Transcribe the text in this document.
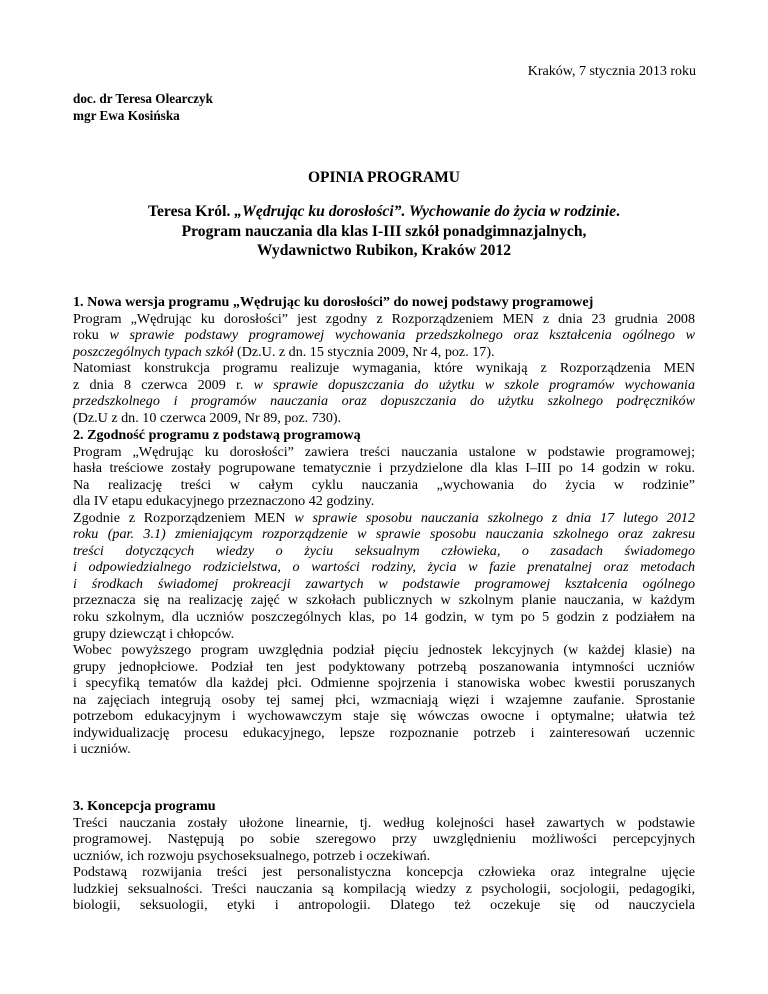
Kraków, 7 stycznia 2013 roku
doc. dr Teresa Olearczyk
mgr Ewa Kosińska
OPINIA PROGRAMU
Teresa Król. „Wędrując ku dorosłości”. Wychowanie do życia w rodzinie.
Program nauczania dla klas I-III szkół ponadgimnazjalnych,
Wydawnictwo Rubikon, Kraków 2012
1. Nowa wersja programu „Wędrując ku dorosłości” do nowej podstawy programowej
Program „Wędrując ku dorosłości” jest zgodny z Rozporządzeniem MEN z dnia 23 grudnia 2008
roku w sprawie podstawy programowej wychowania przedszkolnego oraz kształcenia ogólnego w
poszczególnych typach szkół (Dz.U. z dn. 15 stycznia 2009, Nr 4, poz. 17).
Natomiast konstrukcja programu realizuje wymagania, które wynikają z Rozporządzenia MEN
z dnia 8 czerwca 2009 r. w sprawie dopuszczania do użytku w szkole programów wychowania
przedszkolnego i programów nauczania oraz dopuszczania do użytku szkolnego podręczników
(Dz.U z dn. 10 czerwca 2009, Nr 89, poz. 730).
2. Zgodność programu z podstawą programową
Program „Wędrując ku dorosłości” zawiera treści nauczania ustalone w podstawie programowej;
hasła treściowe zostały pogrupowane tematycznie i przydzielone dla klas I–III po 14 godzin w roku.
Na realizację treści w całym cyklu nauczania „wychowania do życia w rodzinie”
dla IV etapu edukacyjnego przeznaczono 42 godziny.
Zgodnie z Rozporządzeniem MEN w sprawie sposobu nauczania szkolnego z dnia 17 lutego 2012
roku (par. 3.1) zmieniającym rozporządzenie w sprawie sposobu nauczania szkolnego oraz zakresu
treści dotyczących wiedzy o życiu seksualnym człowieka, o zasadach świadomego
i odpowiedzialnego rodzicielstwa, o wartości rodziny, życia w fazie prenatalnej oraz metodach
i środkach świadomej prokreacji zawartych w podstawie programowej kształcenia ogólnego
przeznacza się na realizację zajęć w szkołach publicznych w szkolnym planie nauczania, w każdym
roku szkolnym, dla uczniów poszczególnych klas, po 14 godzin, w tym po 5 godzin z podziałem na
grupy dziewcząt i chłopców.
Wobec powyższego program uwzględnia podział pięciu jednostek lekcyjnych (w każdej klasie) na
grupy jednopłciowe. Podział ten jest podyktowany potrzebą poszanowania intymności uczniów
i specyfiką tematów dla każdej płci. Odmienne spojrzenia i stanowiska wobec kwestii poruszanych
na zajęciach integrują osoby tej samej płci, wzmacniają więzi i wzajemne zaufanie. Sprostanie
potrzebom edukacyjnym i wychowawczym staje się wówczas owocne i optymalne; ułatwia też
indywidualizację procesu edukacyjnego, lepsze rozpoznanie potrzeb i zainteresowań uczennic
i uczniów.
3. Koncepcja programu
Treści nauczania zostały ułożone linearnie, tj. według kolejności haseł zawartych w podstawie
programowej. Następują po sobie szeregowo przy uwzględnieniu możliwości percepcyjnych
uczniów, ich rozwoju psychoseksualnego, potrzeb i oczekiwań.
Podstawą rozwijania treści jest personalistyczna koncepcja człowieka oraz integralne ujęcie
ludzkiej seksualności. Treści nauczania są kompilacją wiedzy z psychologii, socjologii, pedagogiki,
biologii, seksuologii, etyki i antropologii. Dlatego też oczekuje się od nauczyciela
